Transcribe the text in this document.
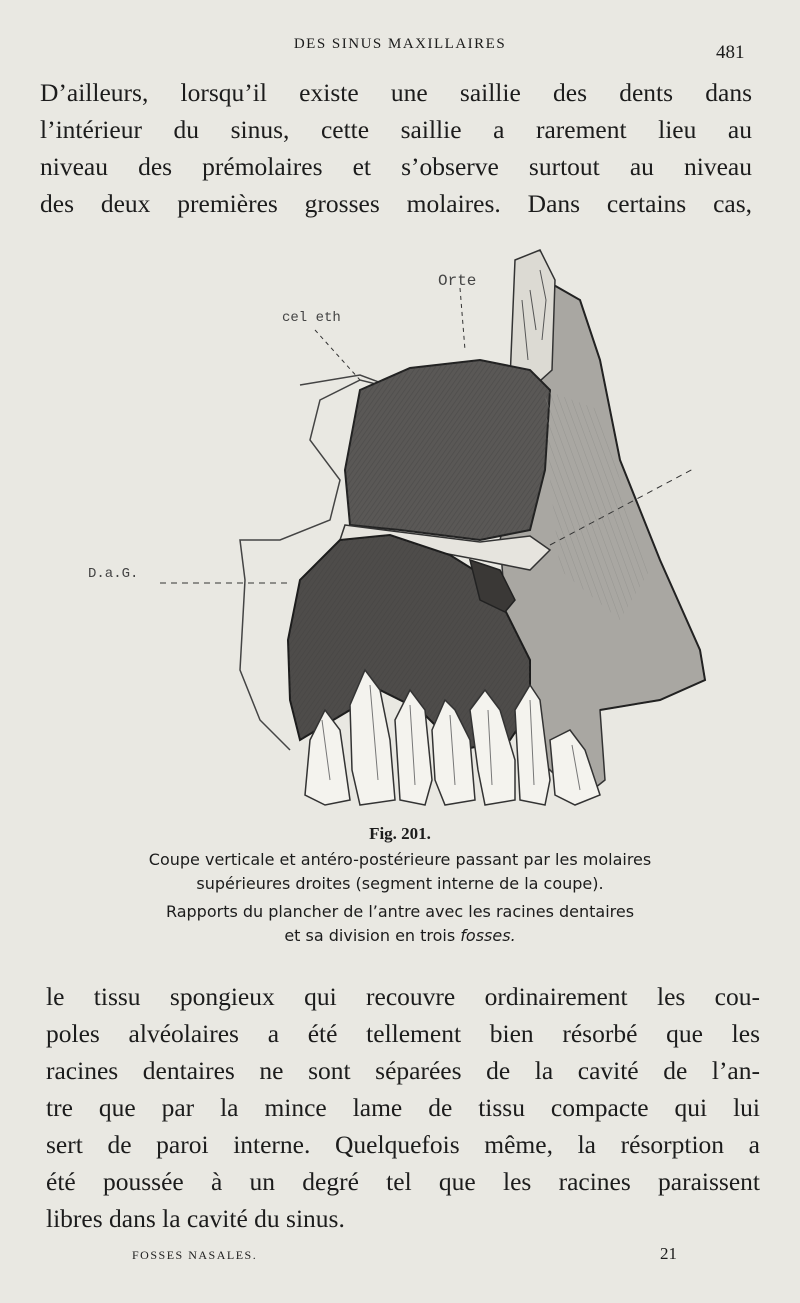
DES SINUS MAXILLAIRES	481
D’ailleurs, lorsqu’il existe une saillie des dents dans
l’intérieur du sinus, cette saillie a rarement lieu au
niveau des prémolaires et s’observe surtout au niveau
des deux premières grosses molaires. Dans certains cas,
Orte
cel eth
D.a.G.
Fig. 201.
Coupe verticale et antéro-postérieure passant par les molaires
supérieures droites (segment interne de la coupe).
Rapports du plancher de l’antre avec les racines dentaires
et sa division en trois fosses.
le tissu spongieux qui recouvre ordinairement les cou-
poles alvéolaires a été tellement bien résorbé que les
racines dentaires ne sont séparées de la cavité de l’an-
tre que par la mince lame de tissu compacte qui lui
sert de paroi interne. Quelquefois même, la résorption a
été poussée à un degré tel que les racines paraissent
libres dans la cavité du sinus.
FOSSES NASALES.	21
